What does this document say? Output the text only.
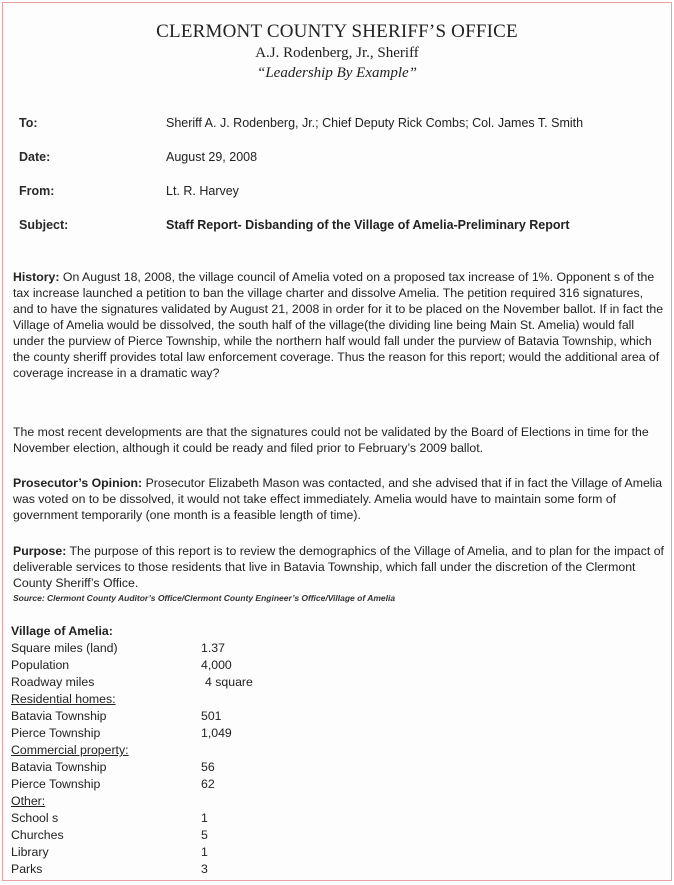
CLERMONT COUNTY SHERIFF’S OFFICE
A.J. Rodenberg, Jr., Sheriff
“Leadership By Example”
To:	Sheriff A. J. Rodenberg, Jr.; Chief Deputy Rick Combs; Col. James T. Smith
Date:	August 29, 2008
From:	Lt. R. Harvey
Subject:	Staff Report- Disbanding of the Village of Amelia-Preliminary Report

History: On August 18, 2008, the village council of Amelia voted on a proposed tax increase of 1%. Opponent s of the tax increase launched a petition to ban the village charter and dissolve Amelia. The petition required 316 signatures, and to have the signatures validated by August 21, 2008 in order for it to be placed on the November ballot. If in fact the Village of Amelia would be dissolved, the south half of the village(the dividing line being Main St. Amelia) would fall under the purview of Pierce Township, while the northern half would fall under the purview of Batavia Township, which the county sheriff provides total law enforcement coverage. Thus the reason for this report; would the additional area of coverage increase in a dramatic way?

The most recent developments are that the signatures could not be validated by the Board of Elections in time for the November election, although it could be ready and filed prior to February’s 2009 ballot.

Prosecutor’s Opinion: Prosecutor Elizabeth Mason was contacted, and she advised that if in fact the Village of Amelia was voted on to be dissolved, it would not take effect immediately. Amelia would have to maintain some form of government temporarily (one month is a feasible length of time).

Purpose: The purpose of this report is to review the demographics of the Village of Amelia, and to plan for the impact of deliverable services to those residents that live in Batavia Township, which fall under the discretion of the Clermont County Sheriff’s Office.

Source: Clermont County Auditor’s Office/Clermont County Engineer’s Office/Village of Amelia
Village of Amelia:
Square miles (land)	1.37
Population	4,000
Roadway miles	4 square
Residential homes:
Batavia Township	501
Pierce Township	1,049
Commercial property:
Batavia Township	56
Pierce Township	62
Other:
School s	1
Churches	5
Library	1
Parks	3
